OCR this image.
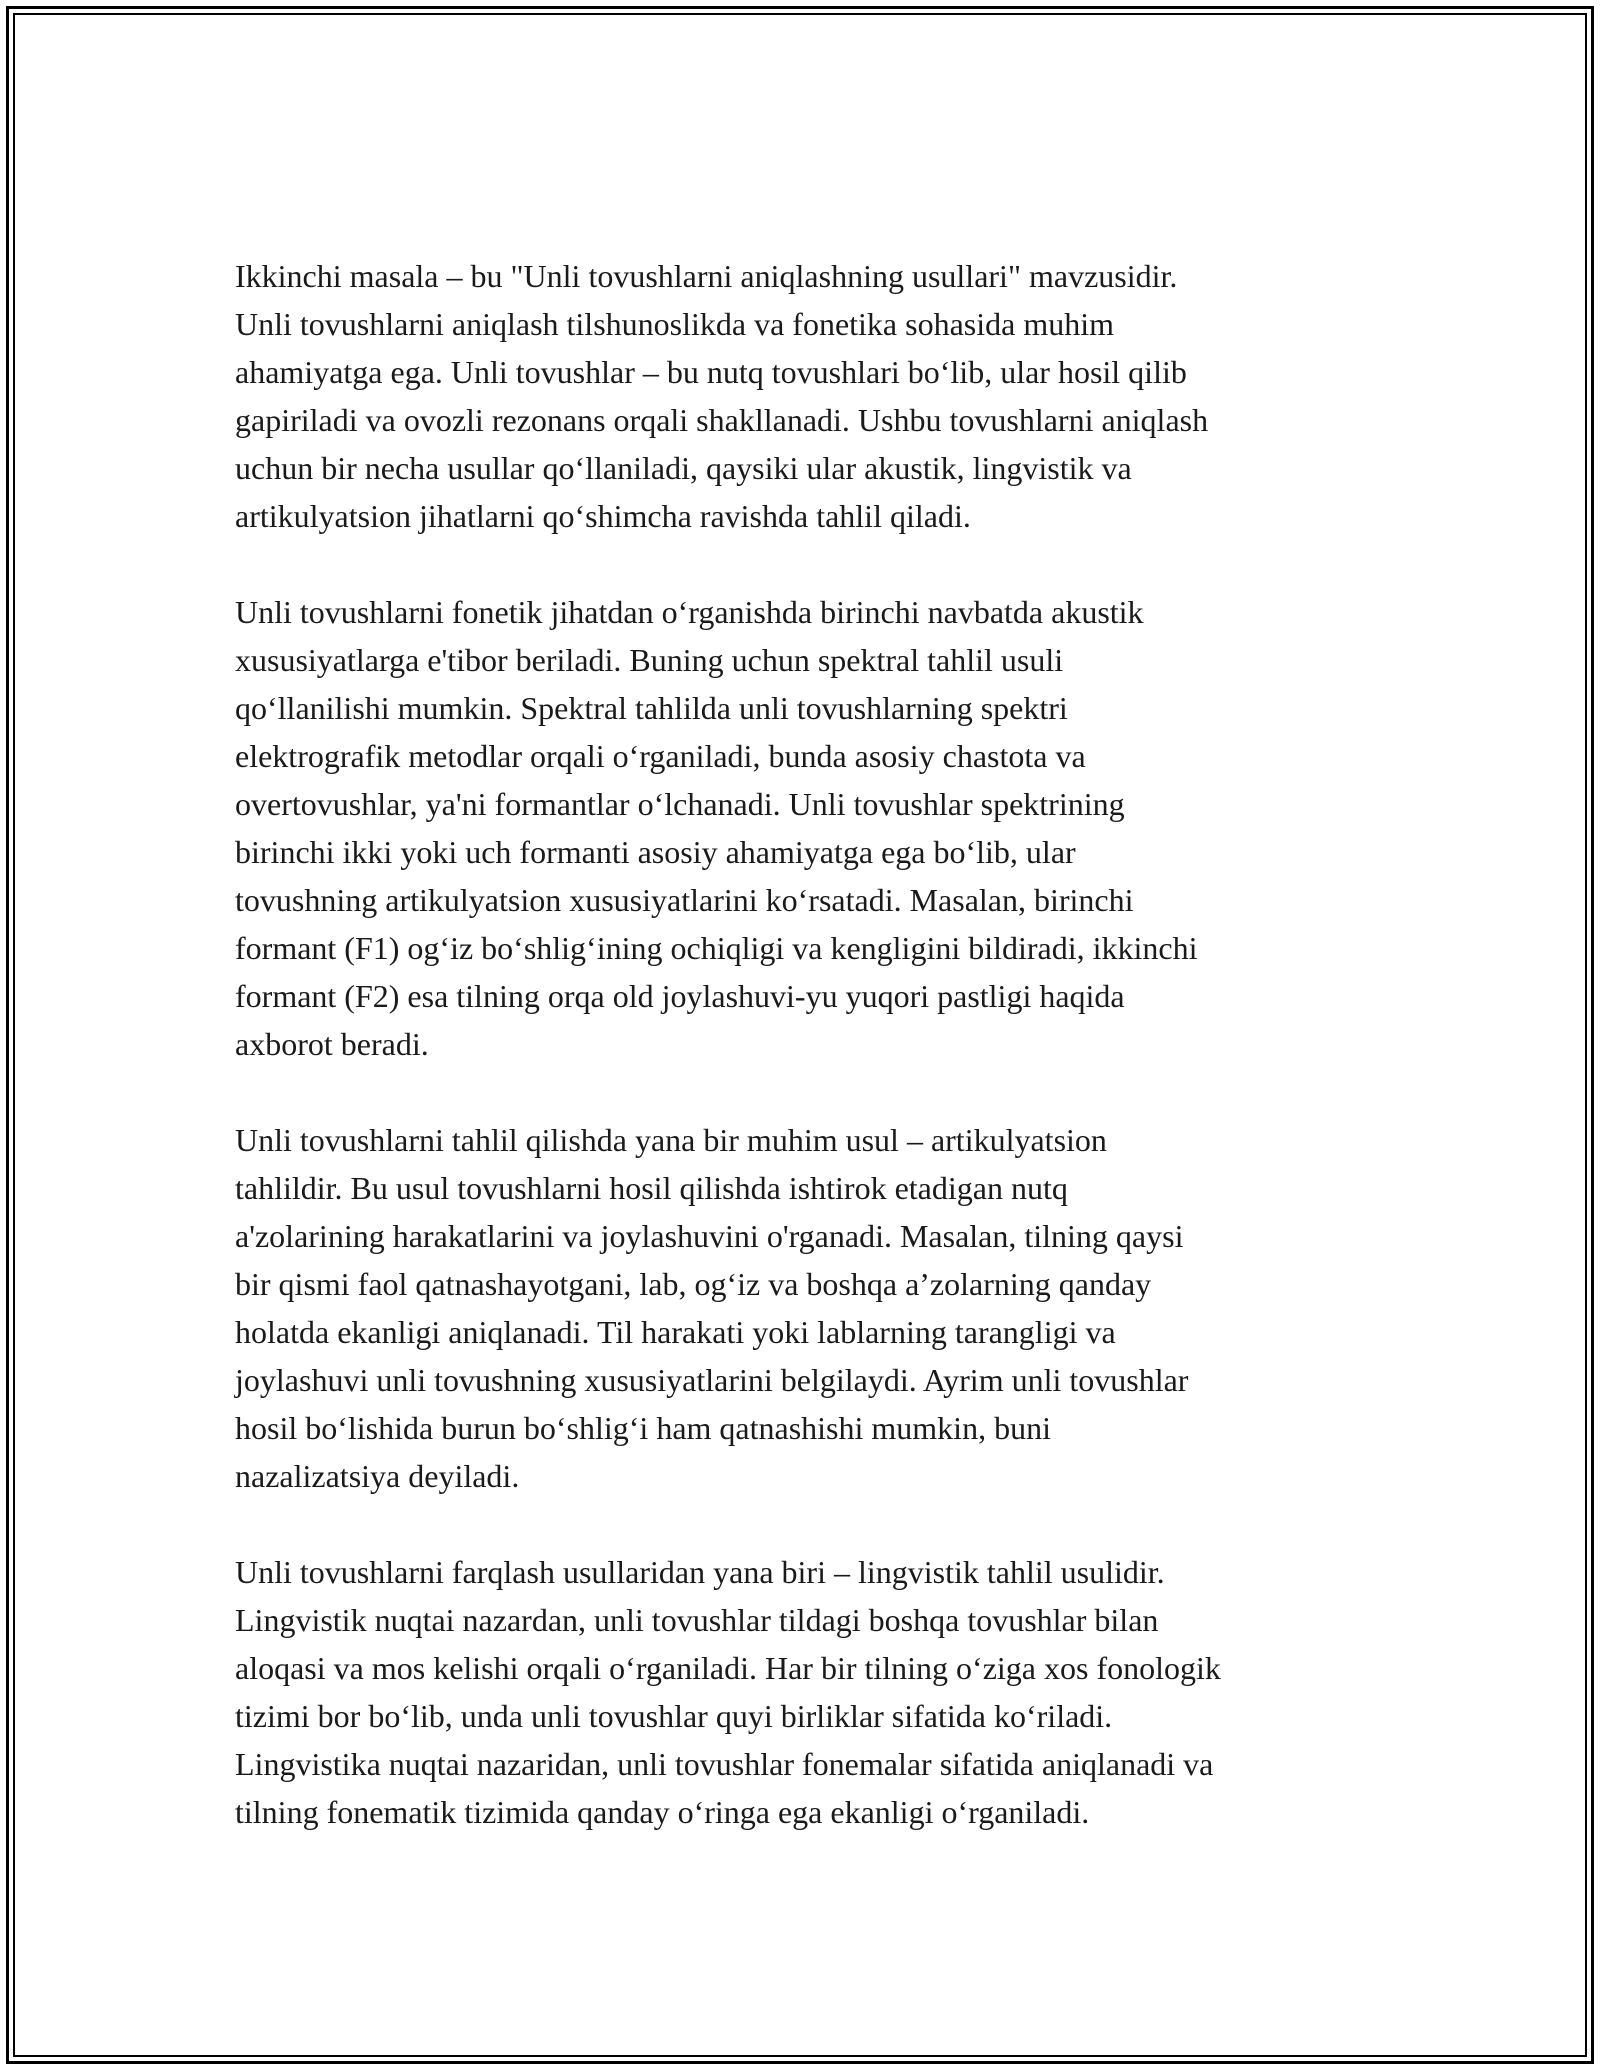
Ikkinchi masala – bu "Unli tovushlarni aniqlashning usullari" mavzusidir.
Unli tovushlarni aniqlash tilshunoslikda va fonetika sohasida muhim
ahamiyatga ega. Unli tovushlar – bu nutq tovushlari bo‘lib, ular hosil qilib
gapiriladi va ovozli rezonans orqali shakllanadi. Ushbu tovushlarni aniqlash
uchun bir necha usullar qo‘llaniladi, qaysiki ular akustik, lingvistik va
artikulyatsion jihatlarni qo‘shimcha ravishda tahlil qiladi.

Unli tovushlarni fonetik jihatdan o‘rganishda birinchi navbatda akustik
xususiyatlarga e'tibor beriladi. Buning uchun spektral tahlil usuli
qo‘llanilishi mumkin. Spektral tahlilda unli tovushlarning spektri
elektrografik metodlar orqali o‘rganiladi, bunda asosiy chastota va
overtovushlar, ya'ni formantlar o‘lchanadi. Unli tovushlar spektrining
birinchi ikki yoki uch formanti asosiy ahamiyatga ega bo‘lib, ular
tovushning artikulyatsion xususiyatlarini ko‘rsatadi. Masalan, birinchi
formant (F1) og‘iz bo‘shlig‘ining ochiqligi va kengligini bildiradi, ikkinchi
formant (F2) esa tilning orqa old joylashuvi-yu yuqori pastligi haqida
axborot beradi.

Unli tovushlarni tahlil qilishda yana bir muhim usul – artikulyatsion
tahlildir. Bu usul tovushlarni hosil qilishda ishtirok etadigan nutq
a'zolarining harakatlarini va joylashuvini o'rganadi. Masalan, tilning qaysi
bir qismi faol qatnashayotgani, lab, og‘iz va boshqa a’zolarning qanday
holatda ekanligi aniqlanadi. Til harakati yoki lablarning tarangligi va
joylashuvi unli tovushning xususiyatlarini belgilaydi. Ayrim unli tovushlar
hosil bo‘lishida burun bo‘shlig‘i ham qatnashishi mumkin, buni
nazalizatsiya deyiladi.

Unli tovushlarni farqlash usullaridan yana biri – lingvistik tahlil usulidir.
Lingvistik nuqtai nazardan, unli tovushlar tildagi boshqa tovushlar bilan
aloqasi va mos kelishi orqali o‘rganiladi. Har bir tilning o‘ziga xos fonologik
tizimi bor bo‘lib, unda unli tovushlar quyi birliklar sifatida ko‘riladi.
Lingvistika nuqtai nazaridan, unli tovushlar fonemalar sifatida aniqlanadi va
tilning fonematik tizimida qanday o‘ringa ega ekanligi o‘rganiladi.
